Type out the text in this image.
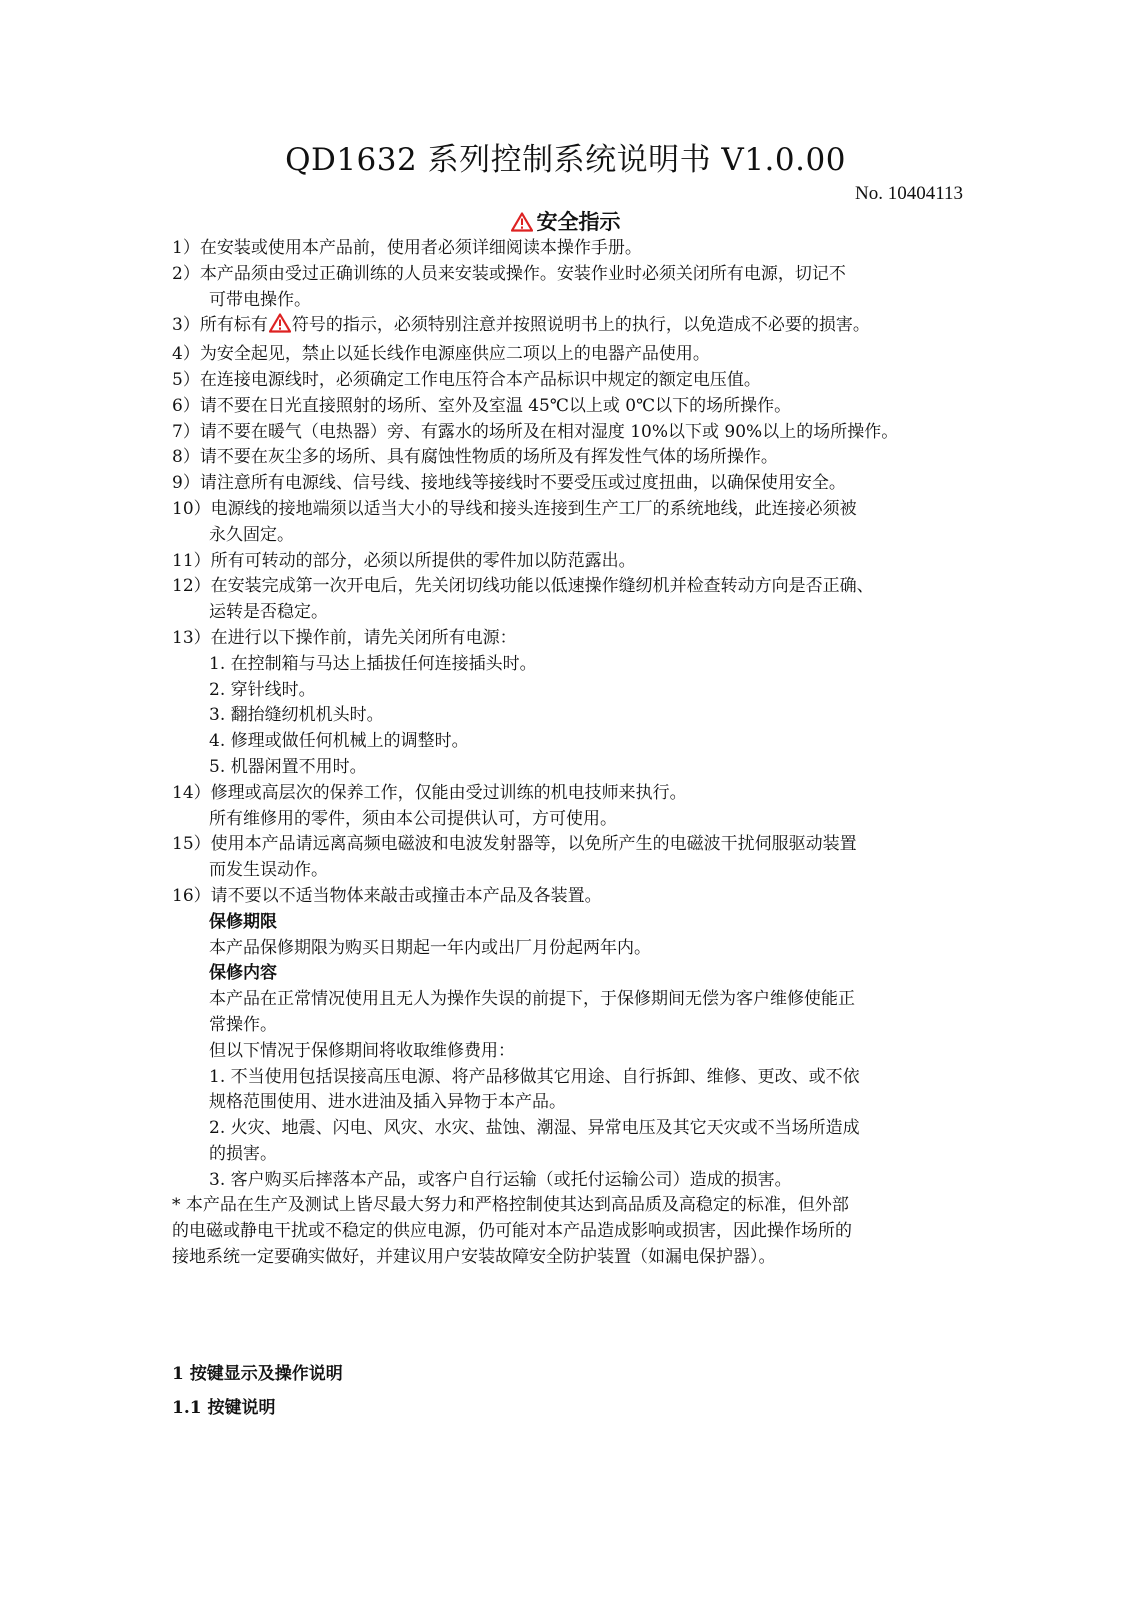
QD1632 系列控制系统说明书 V1.0.00
No. 10404113
安全指示

1）在安装或使用本产品前，使用者必须详细阅读本操作手册。

2）本产品须由受过正确训练的人员来安装或操作。安装作业时必须关闭所有电源，切记不

可带电操作。

3）所有标有 符号的指示，必须特别注意并按照说明书上的执行，以免造成不必要的损害。

4）为安全起见，禁止以延长线作电源座供应二项以上的电器产品使用。

5）在连接电源线时，必须确定工作电压符合本产品标识中规定的额定电压值。

6）请不要在日光直接照射的场所、室外及室温 45℃以上或 0℃以下的场所操作。

7）请不要在暖气（电热器）旁、有露水的场所及在相对湿度 10%以下或 90%以上的场所操作。

8）请不要在灰尘多的场所、具有腐蚀性物质的场所及有挥发性气体的场所操作。

9）请注意所有电源线、信号线、接地线等接线时不要受压或过度扭曲，以确保使用安全。

10）电源线的接地端须以适当大小的导线和接头连接到生产工厂的系统地线，此连接必须被

永久固定。

11）所有可转动的部分，必须以所提供的零件加以防范露出。

12）在安装完成第一次开电后，先关闭切线功能以低速操作缝纫机并检查转动方向是否正确、

运转是否稳定。

13）在进行以下操作前，请先关闭所有电源：

1. 在控制箱与马达上插拔任何连接插头时。

2. 穿针线时。

3. 翻抬缝纫机机头时。

4. 修理或做任何机械上的调整时。

5. 机器闲置不用时。

14）修理或高层次的保养工作，仅能由受过训练的机电技师来执行。

所有维修用的零件，须由本公司提供认可，方可使用。

15）使用本产品请远离高频电磁波和电波发射器等，以免所产生的电磁波干扰伺服驱动装置

而发生误动作。

16）请不要以不适当物体来敲击或撞击本产品及各装置。

保修期限

本产品保修期限为购买日期起一年内或出厂月份起两年内。

保修内容

本产品在正常情况使用且无人为操作失误的前提下，于保修期间无偿为客户维修使能正

常操作。

但以下情况于保修期间将收取维修费用：

1. 不当使用包括误接高压电源、将产品移做其它用途、自行拆卸、维修、更改、或不依

规格范围使用、进水进油及插入异物于本产品。

2. 火灾、地震、闪电、风灾、水灾、盐蚀、潮湿、异常电压及其它天灾或不当场所造成

的损害。

3. 客户购买后摔落本产品，或客户自行运输（或托付运输公司）造成的损害。

* 本产品在生产及测试上皆尽最大努力和严格控制使其达到高品质及高稳定的标准，但外部

的电磁或静电干扰或不稳定的供应电源，仍可能对本产品造成影响或损害，因此操作场所的

接地系统一定要确实做好，并建议用户安装故障安全防护装置（如漏电保护器）。

1 按键显示及操作说明
1.1 按键说明
